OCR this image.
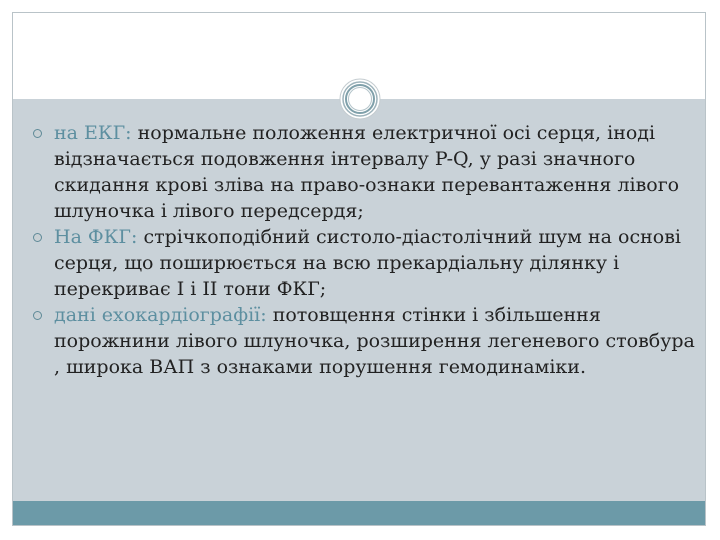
на ЕКГ: нормальне положення електричної осі серця, іноді відзначається подовження інтервалу P-Q, у разі значного скидання крові зліва на право-ознаки перевантаження лівого шлуночка і лівого передсердя;

На ФКГ: стрічкоподібний систоло-діастолічний шум на основі серця, що поширюється на всю прекардіальну ділянку і перекриває І і ІІ тони ФКГ;

дані ехокардіографії: потовщення стінки і збільшення порожнини лівого шлуночка, розширення легеневого стовбура , широка ВАП з ознаками порушення гемодинаміки.
